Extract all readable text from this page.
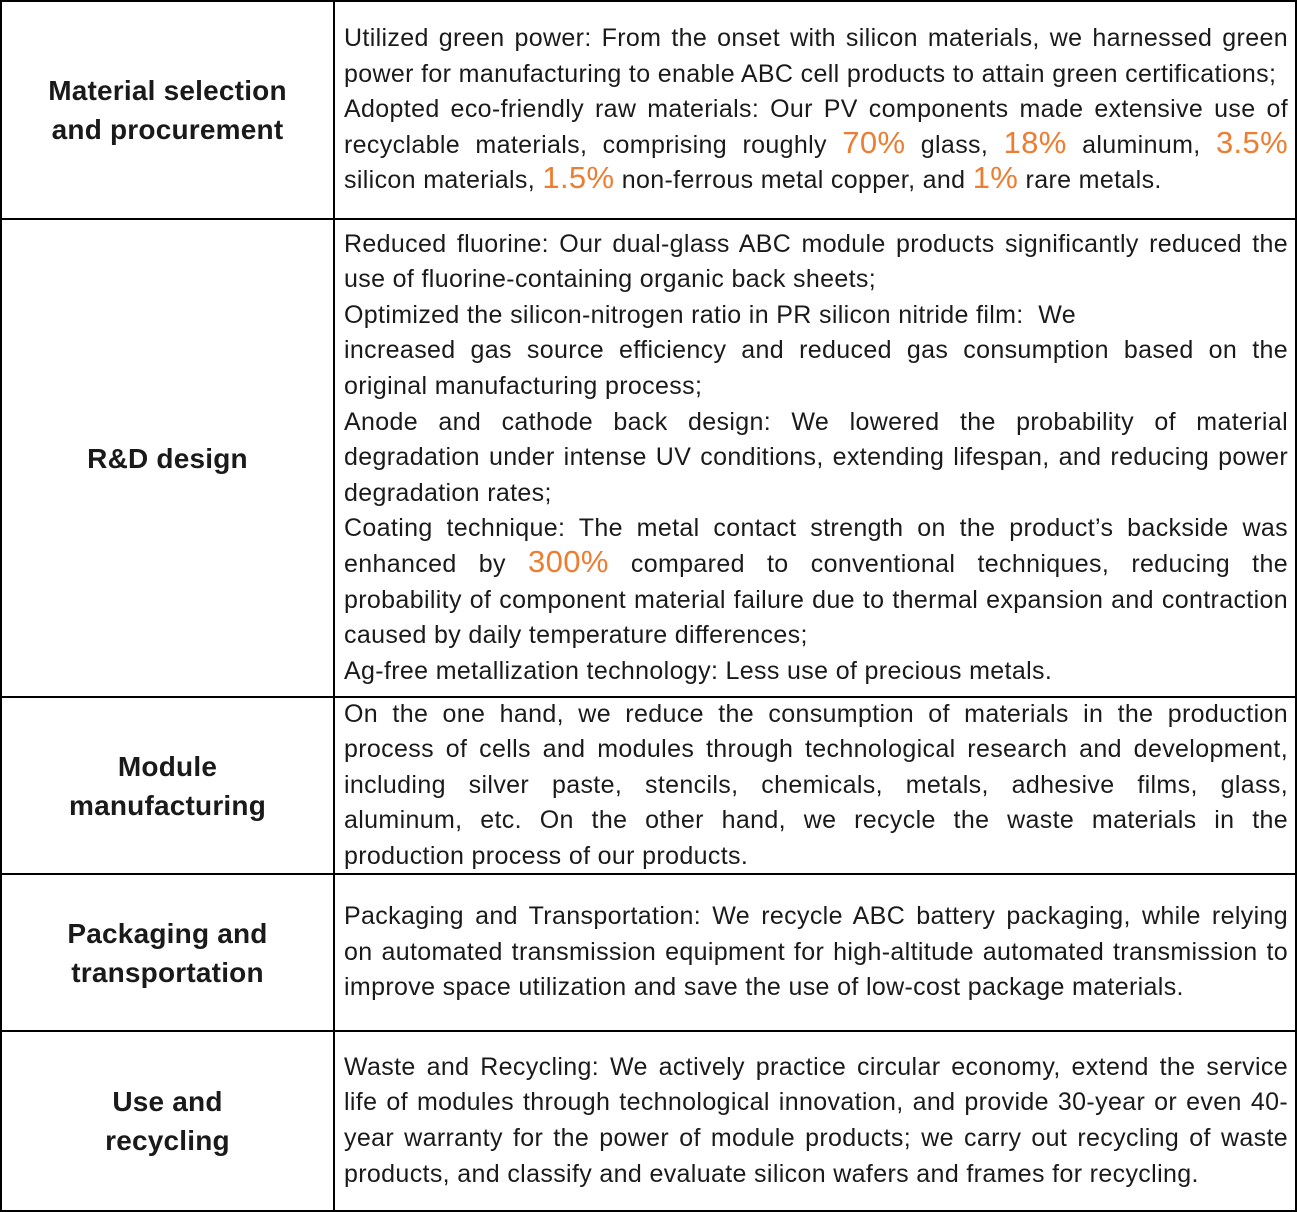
Material selection
and procurement

Utilized green power: From the onset with silicon materials, we harnessed green power for manufacturing to enable ABC cell products to attain green certifications;

Adopted eco-friendly raw materials: Our PV components made extensive use of recyclable materials, comprising roughly 70% glass, 18% aluminum, 3.5% silicon materials, 1.5% non-ferrous metal copper, and 1% rare metals.

R&D design

Reduced fluorine: Our dual-glass ABC module products significantly reduced the use of fluorine-containing organic back sheets;

Optimized the silicon-nitrogen ratio in PR silicon nitride film:  We

increased gas source efficiency and reduced gas consumption based on the original manufacturing process;

Anode and cathode back design: We lowered the probability of material degradation under intense UV conditions, extending lifespan, and reducing power degradation rates;

Coating technique: The metal contact strength on the product’s backside was enhanced by 300% compared to conventional techniques, reducing the probability of component material failure due to thermal expansion and contraction caused by daily temperature differences;

Ag-free metallization technology: Less use of precious metals.

Module
manufacturing

On the one hand, we reduce the consumption of materials in the production process of cells and modules through technological research and development, including silver paste, stencils, chemicals, metals, adhesive films, glass, aluminum, etc. On the other hand, we recycle the waste materials in the production process of our products.

Packaging and
transportation

Packaging and Transportation: We recycle ABC battery packaging, while relying on automated transmission equipment for high-altitude automated transmission to improve space utilization and save the use of low-cost package materials.

Use and
recycling

Waste and Recycling: We actively practice circular economy, extend the service life of modules through technological innovation, and provide 30-year or even 40-year warranty for the power of module products; we carry out recycling of waste products, and classify and evaluate silicon wafers and frames for recycling.
